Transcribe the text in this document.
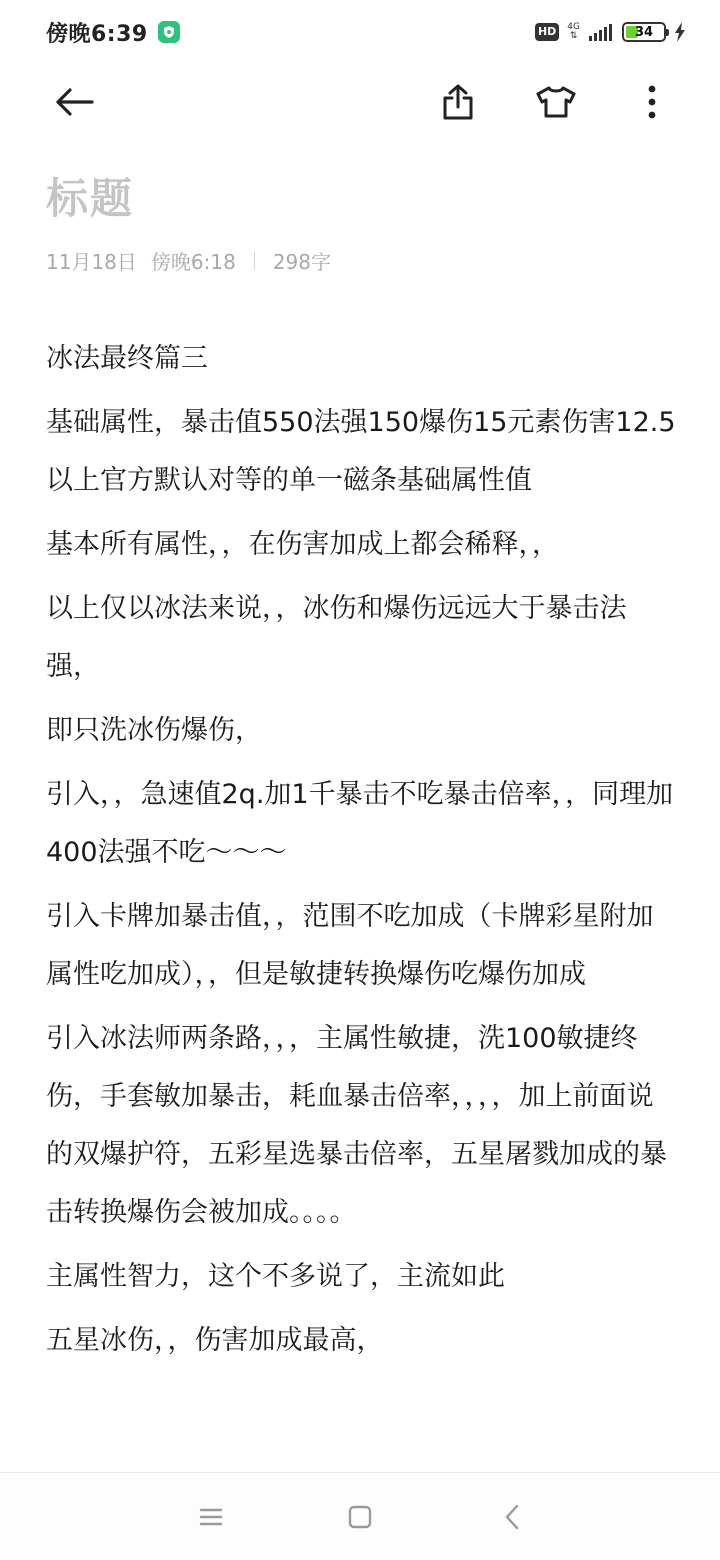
傍晚6:39	HD	4G
⇅	34
标题
11月18日 傍晚6:18 298字

冰法最终篇三

基础属性，暴击值550法强150爆伤15元素伤害12.5　以上官方默认对等的单一磁条基础属性值

基本所有属性，，在伤害加成上都会稀释，，

以上仅以冰法来说，，冰伤和爆伤远远大于暴击法强，

即只洗冰伤爆伤，

引入，，急速值2q.加1千暴击不吃暴击倍率，，同理加400法强不吃～～～

引入卡牌加暴击值，，范围不吃加成（卡牌彩星附加属性吃加成），，但是敏捷转换爆伤吃爆伤加成

引入冰法师两条路，，，主属性敏捷，洗100敏捷终伤，手套敏加暴击，耗血暴击倍率，，，，加上前面说的双爆护符，五彩星选暴击倍率，五星屠戮加成的暴击转换爆伤会被加成。。。。

主属性智力，这个不多说了，主流如此

五星冰伤，，伤害加成最高，
